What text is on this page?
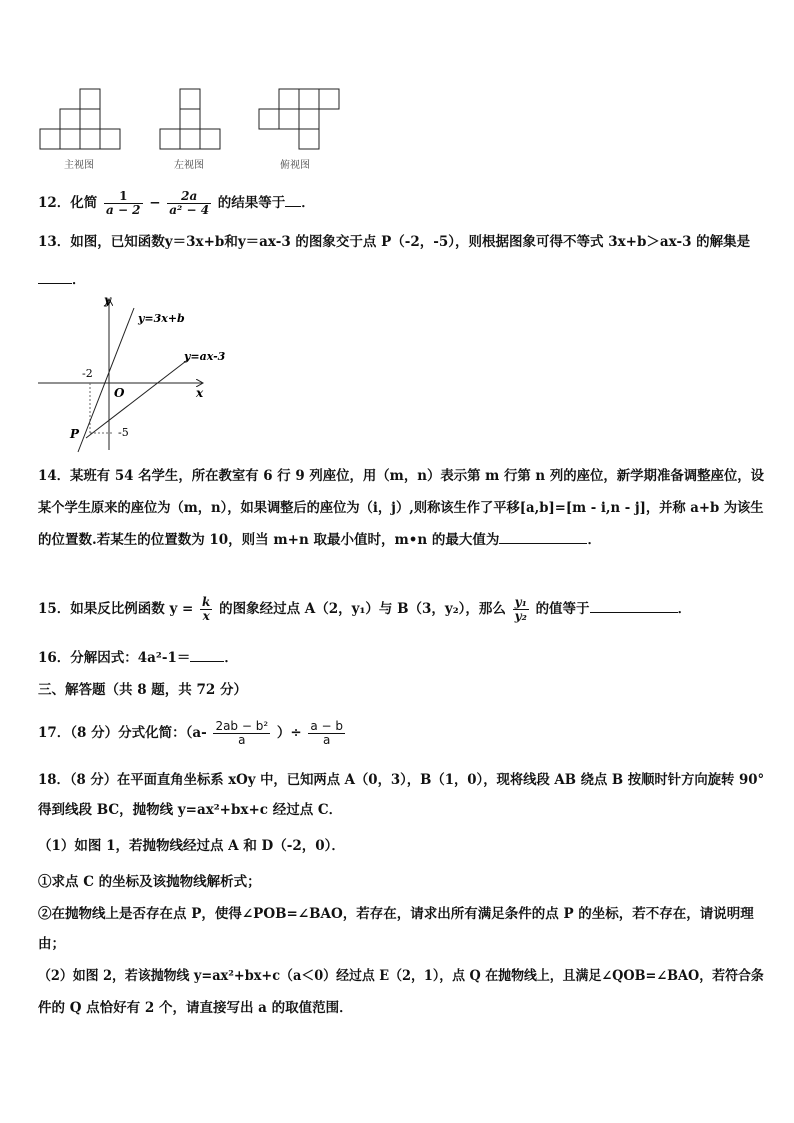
主视图	左视图	俯视图
12．化简 $\frac{1}{a - 2} - \frac{2a}{\text{a² − 4}}$ 的结果等于 ．
13．如图，已知函数y＝3x+b和y＝ax-3 的图象交于点 P（-2，-5），则根据图象可得不等式 3x+b＞ax-3 的解集是
．
y
x
O
y=3x+b
y=ax-3
-2
-5
P
14．某班有 54 名学生，所在教室有 6 行 9 列座位，用（m，n）表示第 m 行第 n 列的座位，新学期准备调整座位，设
某个学生原来的座位为（m，n），如果调整后的座位为（i，j）,则称该生作了平移[a,b]=[m - i,n - j]，并称 a+b 为该生
的位置数.若某生的位置数为 10，则当 m+n 取最小值时，m•n 的最大值为	．
15．如果反比例函数 $y = \frac{k}{x}$ 的图象经过点 A（2，y₁）与 B（3，y₂），那么 $\frac{\text{y₁}}{\text{y₂}}$ 的值等于	．
16．分解因式：4a²-1＝	．
三、解答题（共 8 题，共 72 分）
17．（8 分）分式化简：（$a- \frac{\text{2ab − b²}}{a}$ ）÷ $\frac{a - b}{a}$
18．（8 分）在平面直角坐标系 xOy 中，已知两点 A（0，3），B（1，0），现将线段 AB 绕点 B 按顺时针方向旋转 90°
得到线段 BC，抛物线 y=ax²+bx+c 经过点 C．
（1）如图 1，若抛物线经过点 A 和 D（-2，0）．
①求点 C 的坐标及该抛物线解析式；
②在抛物线上是否存在点 P，使得∠POB=∠BAO，若存在，请求出所有满足条件的点 P 的坐标，若不存在，请说明理
由；
（2）如图 2，若该抛物线 y=ax²+bx+c（a＜0）经过点 E（2，1），点 Q 在抛物线上，且满足∠QOB=∠BAO，若符合条
件的 Q 点恰好有 2 个，请直接写出 a 的取值范围．
